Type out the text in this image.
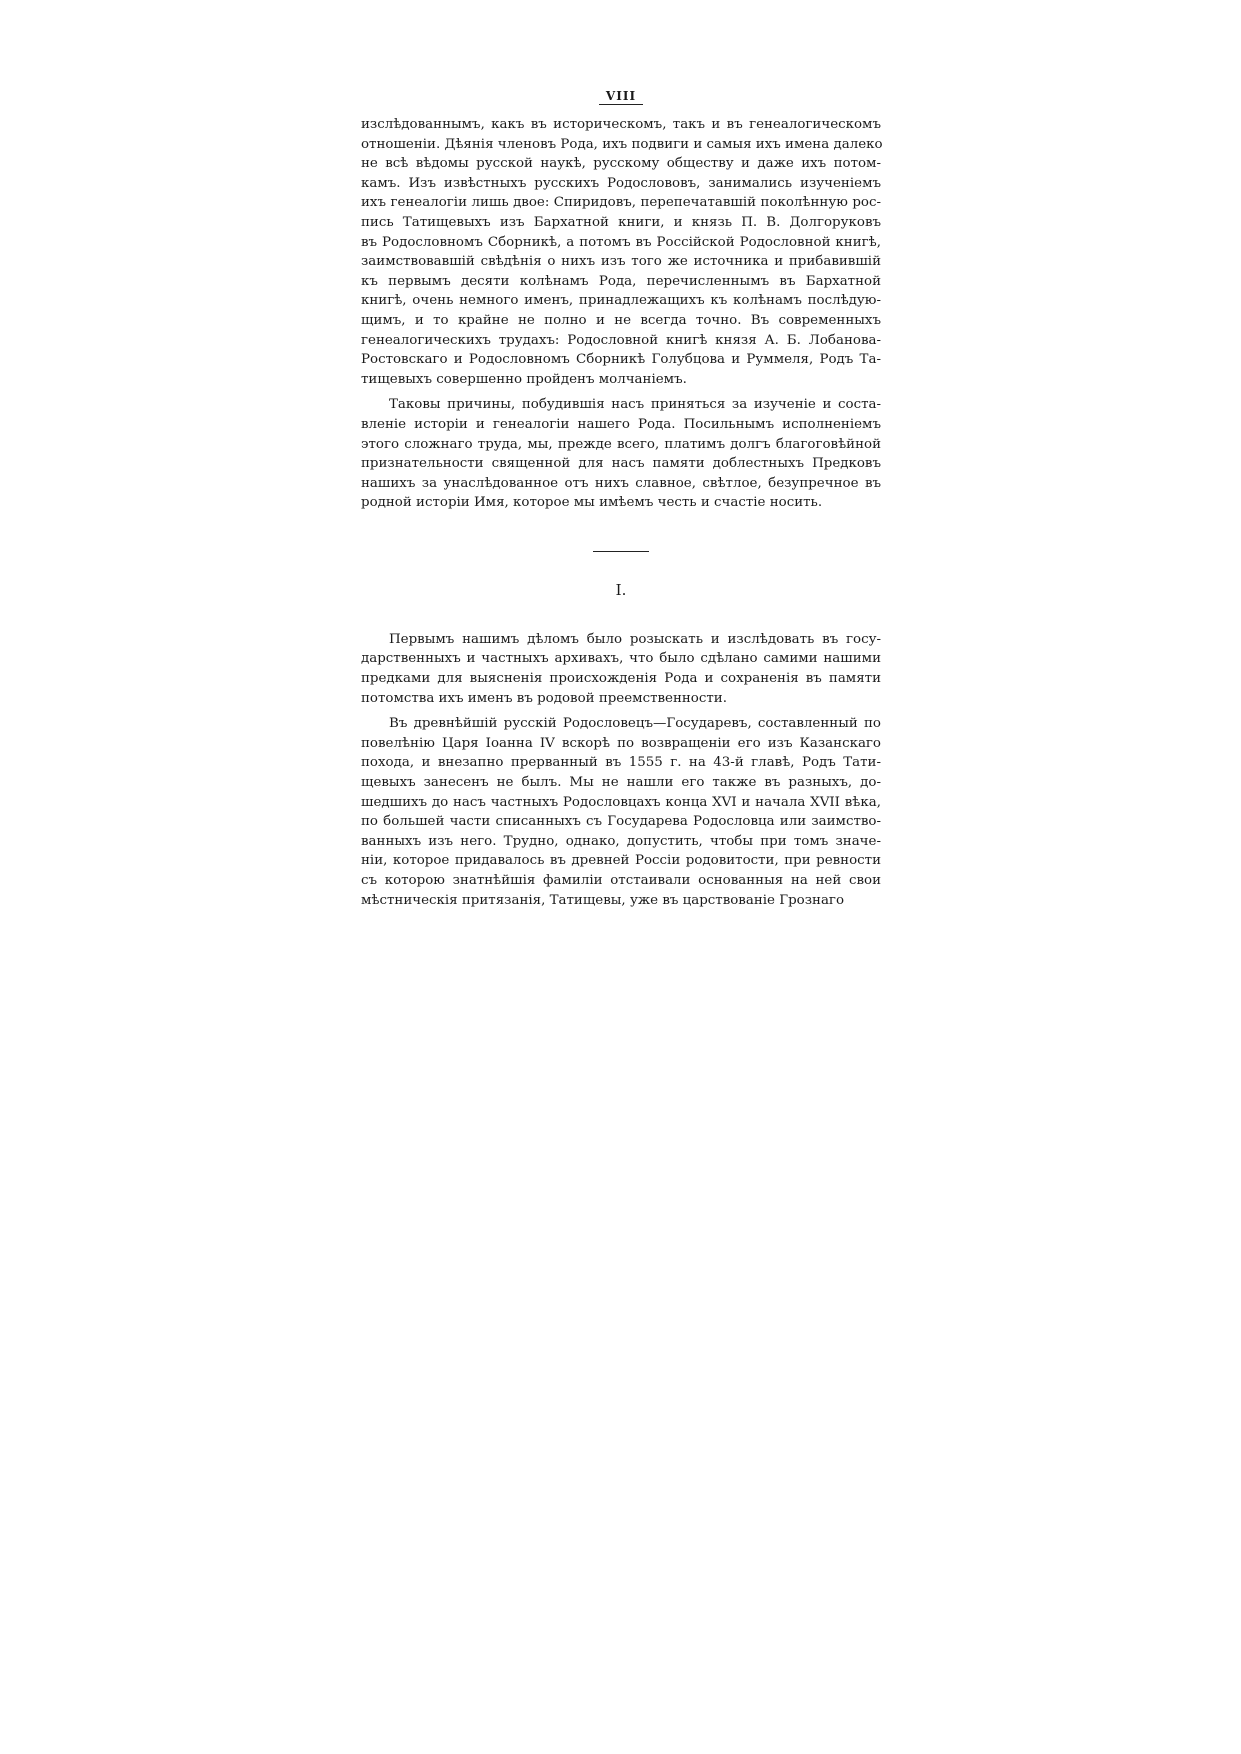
VIII

изслѣдованнымъ, какъ въ историческомъ, такъ и въ генеалогическомъ
отношеніи. Дѣянія членовъ Рода, ихъ подвиги и самыя ихъ имена далеко
не всѣ вѣдомы русской наукѣ, русскому обществу и даже ихъ потом-
камъ. Изъ извѣстныхъ русскихъ Родослововъ, занимались изученіемъ
ихъ генеалогіи лишь двое: Спиридовъ, перепечатавшій поколѣнную рос-
пись Татищевыхъ изъ Бархатной книги, и князь П. В. Долгоруковъ
въ Родословномъ Сборникѣ, а потомъ въ Россійской Родословной книгѣ,
заимствовавшій свѣдѣнія о нихъ изъ того же источника и прибавившій
къ первымъ десяти колѣнамъ Рода, перечисленнымъ въ Бархатной
книгѣ, очень немного именъ, принадлежащихъ къ колѣнамъ послѣдую-
щимъ, и то крайне не полно и не всегда точно. Въ современныхъ
генеалогическихъ трудахъ: Родословной книгѣ князя А. Б. Лобанова-
Ростовскаго и Родословномъ Сборникѣ Голубцова и Руммеля, Родъ Та-
тищевыхъ совершенно пройденъ молчаніемъ.

Таковы причины, побудившія насъ приняться за изученіе и соста-
вленіе исторіи и генеалогіи нашего Рода. Посильнымъ исполненіемъ
этого сложнаго труда, мы, прежде всего, платимъ долгъ благоговѣйной
признательности священной для насъ памяти доблестныхъ Предковъ
нашихъ за унаслѣдованное отъ нихъ славное, свѣтлое, безупречное въ
родной исторіи Имя, которое мы имѣемъ честь и счастіе носить.

I.

Первымъ нашимъ дѣломъ было розыскать и изслѣдовать въ госу-
дарственныхъ и частныхъ архивахъ, что было сдѣлано самими нашими
предками для выясненія происхожденія Рода и сохраненія въ памяти
потомства ихъ именъ въ родовой преемственности.

Въ древнѣйшій русскій Родословецъ—Государевъ, составленный по
повелѣнію Царя Іоанна IV вскорѣ по возвращеніи его изъ Казанскаго
похода, и внезапно прерванный въ 1555 г. на 43-й главѣ, Родъ Тати-
щевыхъ занесенъ не былъ. Мы не нашли его также въ разныхъ, до-
шедшихъ до насъ частныхъ Родословцахъ конца XVI и начала XVII вѣка,
по большей части списанныхъ съ Государева Родословца или заимство-
ванныхъ изъ него. Трудно, однако, допустить, чтобы при томъ значе-
ніи, которое придавалось въ древней Россіи родовитости, при ревности
съ которою знатнѣйшія фамиліи отстаивали основанныя на ней свои
мѣстническія притязанія, Татищевы, уже въ царствованіе Грознаго
